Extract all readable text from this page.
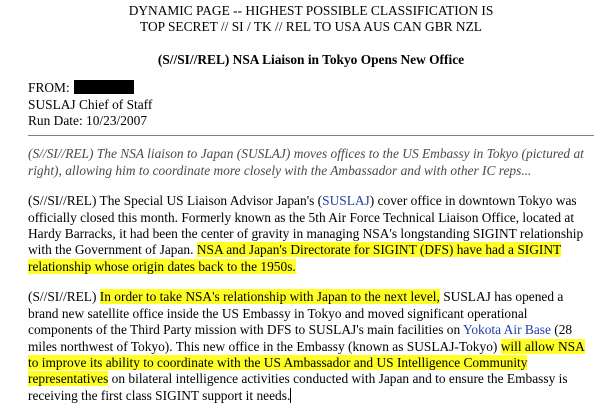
DYNAMIC PAGE -- HIGHEST POSSIBLE CLASSIFICATION IS

TOP SECRET // SI / TK // REL TO USA AUS CAN GBR NZL

(S//SI//REL) NSA Liaison in Tokyo Opens New Office

FROM:

SUSLAJ Chief of Staff

Run Date: 10/23/2007

(S//SI//REL) The NSA liaison to Japan (SUSLAJ) moves offices to the US Embassy in Tokyo (pictured at right), allowing him to coordinate more closely with the Ambassador and with other IC reps...

(S//SI//REL) The Special US Liaison Advisor Japan's (SUSLAJ) cover office in downtown Tokyo was officially closed this month. Formerly known as the 5th Air Force Technical Liaison Office, located at Hardy Barracks, it had been the center of gravity in managing NSA's longstanding SIGINT relationship with the Government of Japan. NSA and Japan's Directorate for SIGINT (DFS) have had a SIGINT relationship whose origin dates back to the 1950s.

(S//SI//REL) In order to take NSA's relationship with Japan to the next level, SUSLAJ has opened a brand new satellite office inside the US Embassy in Tokyo and moved significant operational components of the Third Party mission with DFS to SUSLAJ's main facilities on Yokota Air Base (28 miles northwest of Tokyo). This new office in the Embassy (known as SUSLAJ-Tokyo) will allow NSA to improve its ability to coordinate with the US Ambassador and US Intelligence Community representatives on bilateral intelligence activities conducted with Japan and to ensure the Embassy is receiving the first class SIGINT support it needs.
